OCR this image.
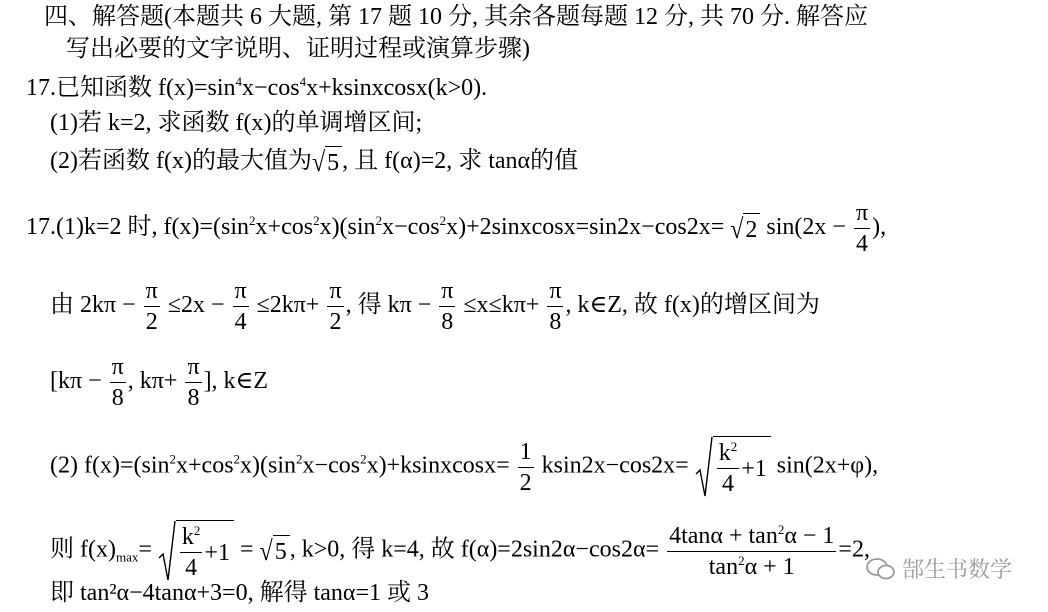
四、解答题(本题共 6 大题, 第 17 题 10 分, 其余各题每题 12 分, 共 70 分. 解答应
写出必要的文字说明、证明过程或演算步骤)
17.已知函数 $f(x)=\sin^4x-\cos^4x+ksinxcosx(k>0)$.
(1)若 k=2, 求函数 f(x)的单调增区间;
(2)若函数 f(x)的最大值为√5 , 且 f(α)=2, 求 tanα的值
17.(1)k=2 时, $f(x)=(\sin^2x+\cos^2x)(\sin^2x-\cos^2x)+2sinxcosx=\sin 2x-\cos 2x= √2$ $\sin(2x - \frac{\pi}{4}$ ),
由 $2k\pi - \frac{\pi}{2} \le 2x - \frac{\pi}{4} \le 2k\pi+ \frac{\pi}{2}$ , 得 $k\pi - \frac{\pi}{8} \le x\le k\pi+ \frac{\pi}{8}$ , k∈Z, 故 f(x)的增区间为
[$k\pi - \frac{\pi}{8}$ , $k\pi+ \frac{\pi}{8}$ ], k∈Z
(2) $f(x)=(\sin^2x+\cos^2x)(\sin^2x-\cos^2x)+ksinxcosx= \frac{1}{2} ksin2x-\cos 2x= \frac{k^2}{4} +1$ sin(2x+φ),
则 $f(x)_{max}= \frac{k^2}{4} +1 = √5$ , k>0, 得 k=4, 故 $f(\alpha)=2\sin 2\alpha-\cos 2\alpha= \frac{4\tan\alpha + \tan^2\alpha - 1}{\tan^2\alpha + 1} =2$,
即 tan²α−4tanα+3=0, 解得 tanα=1 或 3
郜生书数学
